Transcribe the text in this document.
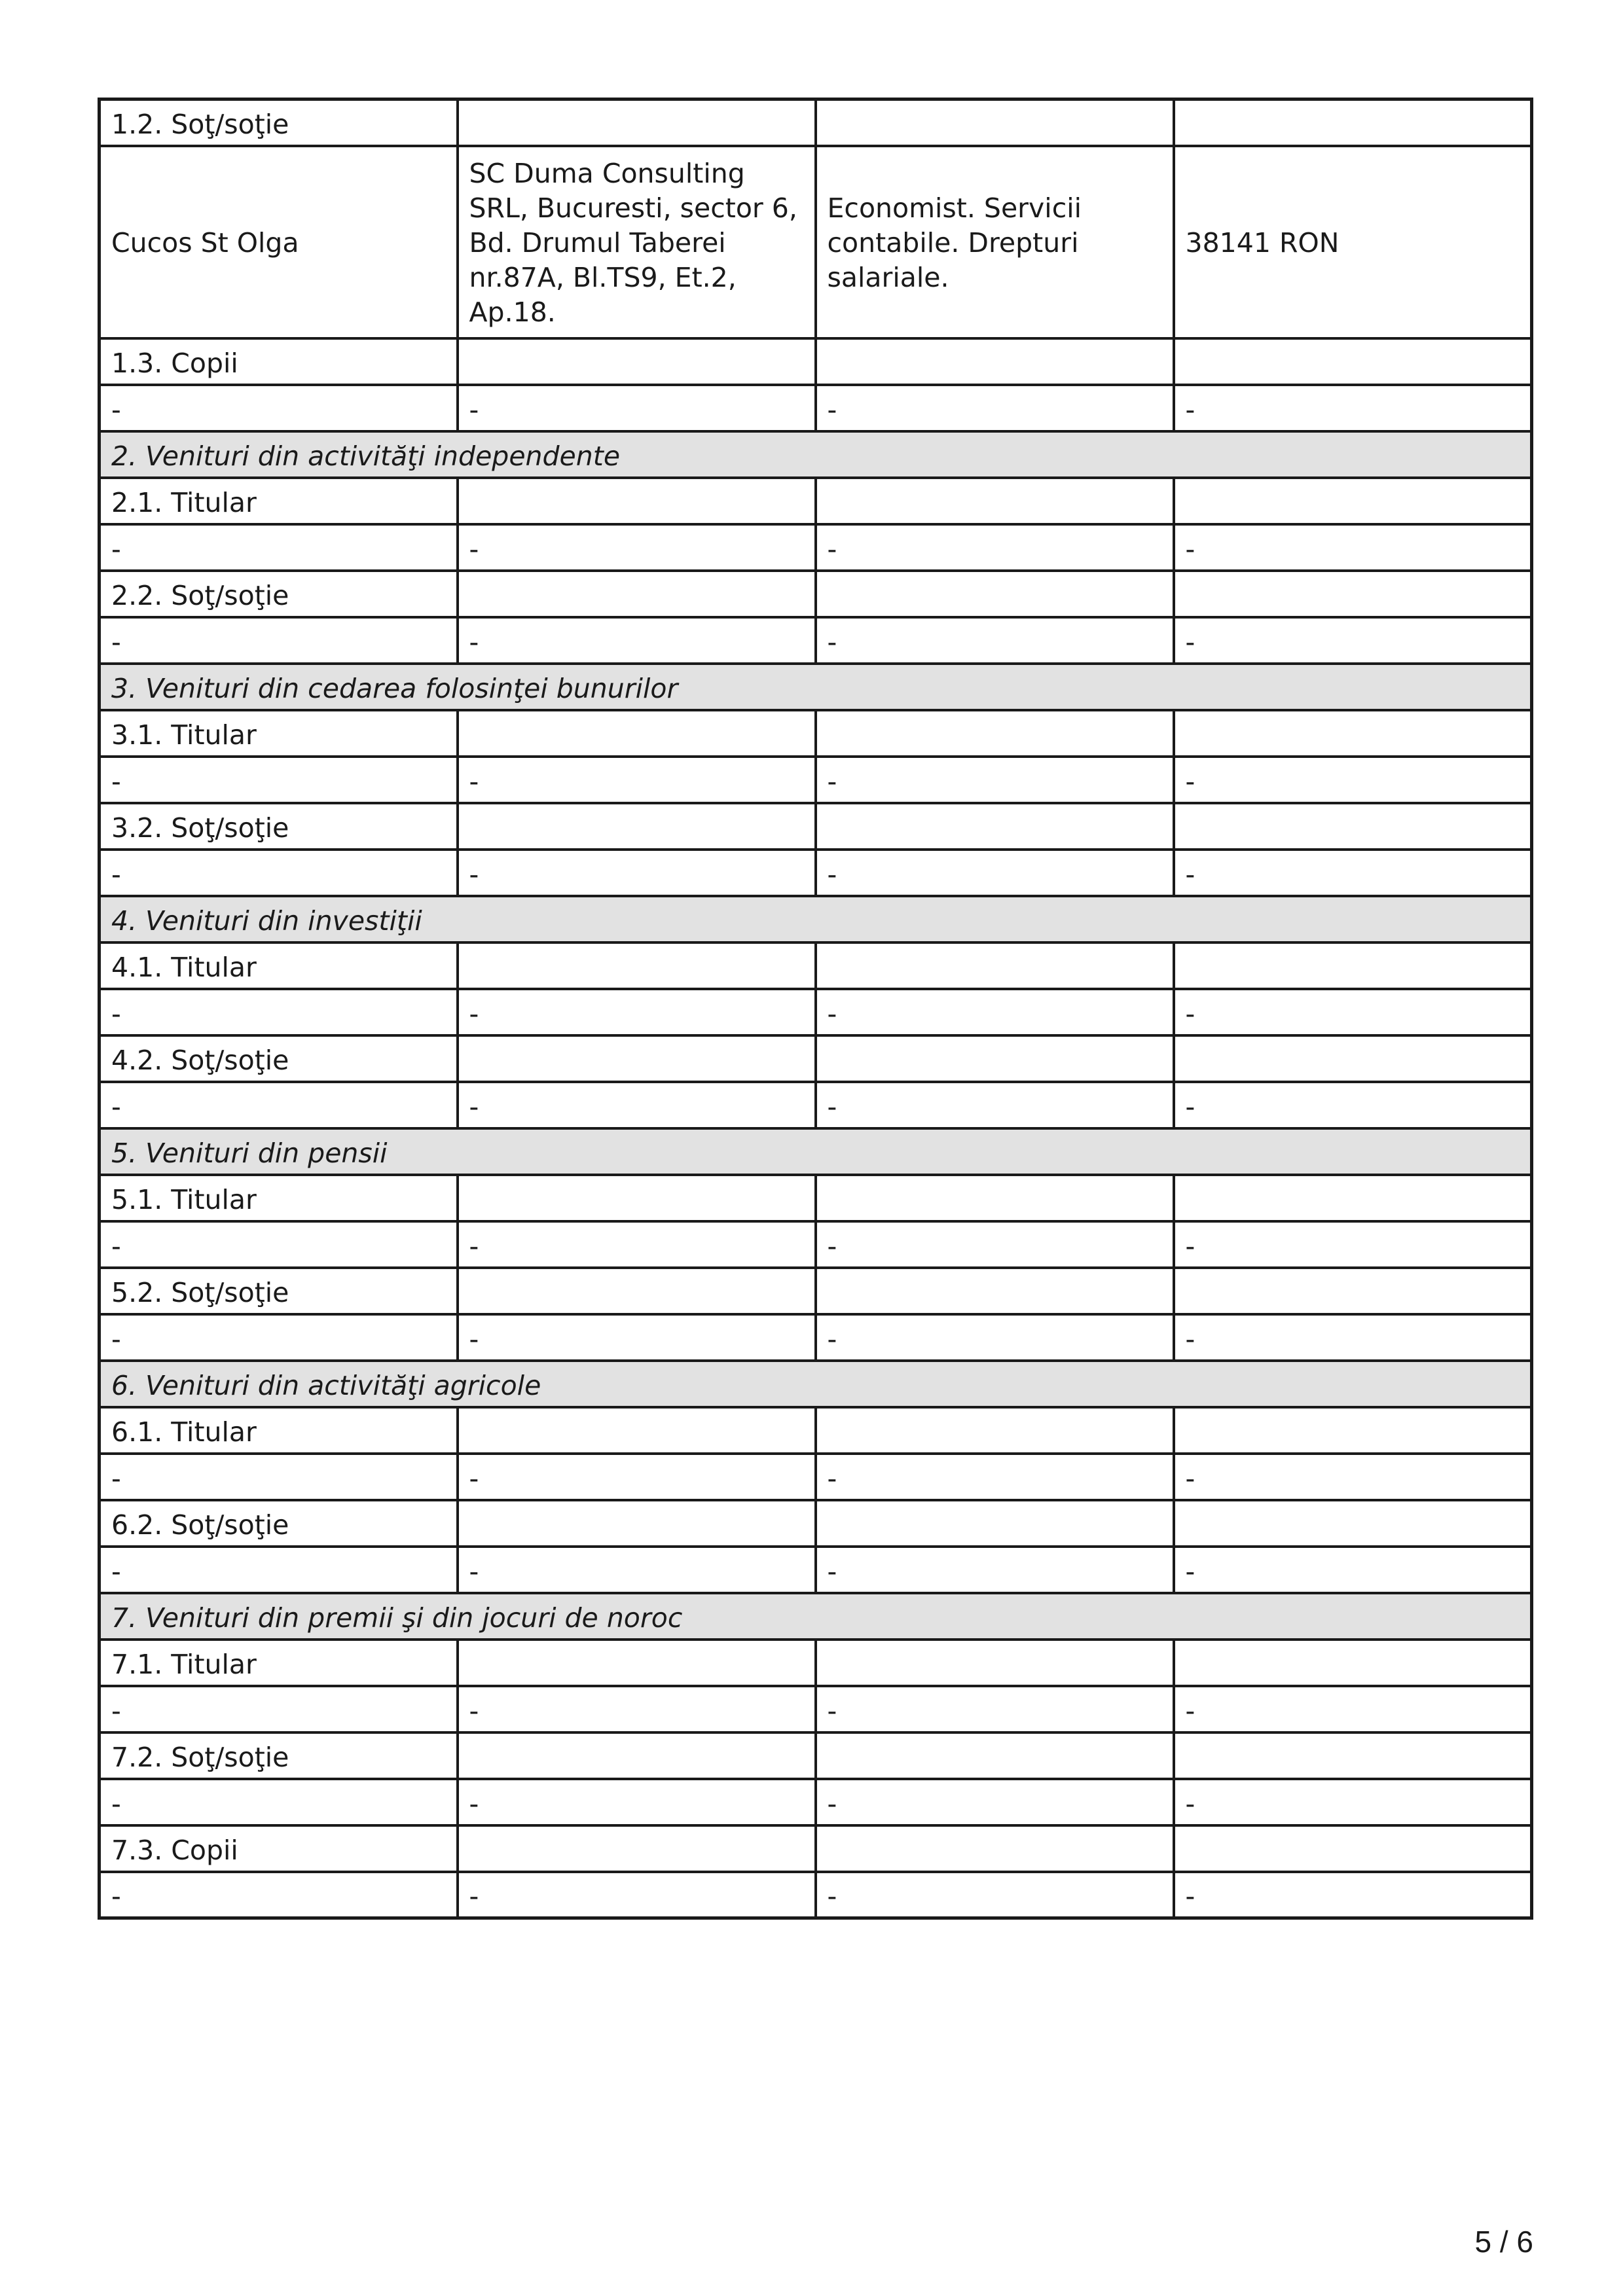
1.2. Soţ/soţie			
Cucos St Olga	SC Duma Consulting SRL, Bucuresti, sector 6, Bd. Drumul Taberei nr.87A, Bl.TS9, Et.2, Ap.18.	Economist. Servicii contabile. Drepturi salariale.	38141 RON
1.3. Copii			
-	-	-	-
2. Venituri din activităţi independente			
2.1. Titular			
-	-	-	-
2.2. Soţ/soţie			
-	-	-	-
3. Venituri din cedarea folosinţei bunurilor			
3.1. Titular			
-	-	-	-
3.2. Soţ/soţie			
-	-	-	-
4. Venituri din investiţii			
4.1. Titular			
-	-	-	-
4.2. Soţ/soţie			
-	-	-	-
5. Venituri din pensii			
5.1. Titular			
-	-	-	-
5.2. Soţ/soţie			
-	-	-	-
6. Venituri din activităţi agricole			
6.1. Titular			
-	-	-	-
6.2. Soţ/soţie			
-	-	-	-
7. Venituri din premii şi din jocuri de noroc			
7.1. Titular			
-	-	-	-
7.2. Soţ/soţie			
-	-	-	-
7.3. Copii			
-	-	-	-
5 / 6
